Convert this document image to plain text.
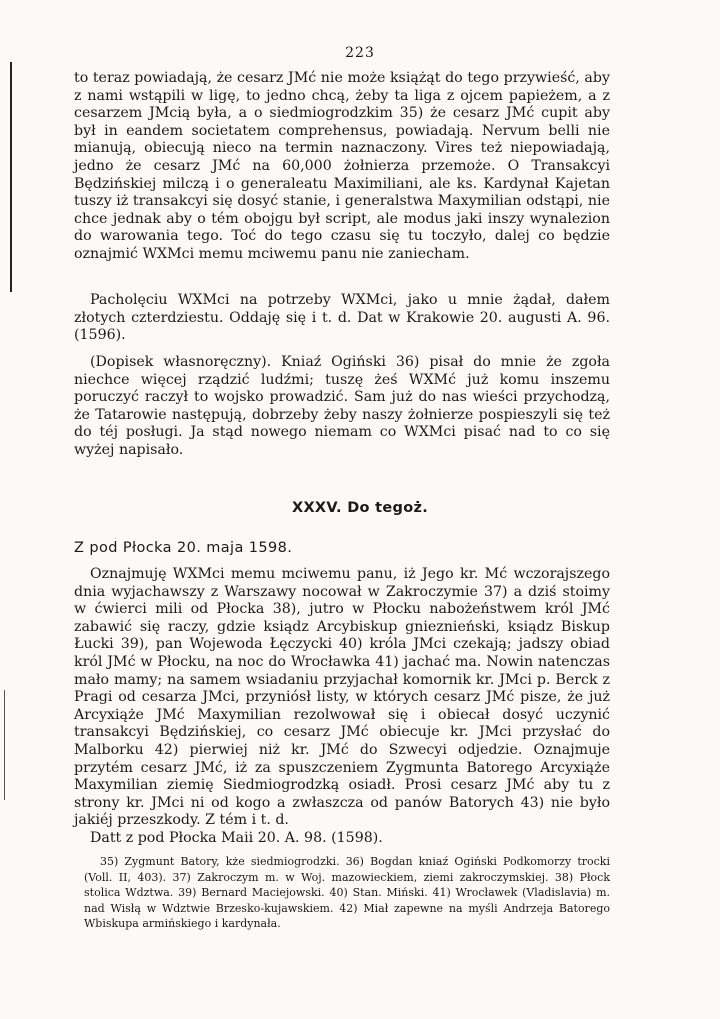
223

to teraz powiadają, że cesarz JMć nie może książąt do tego przywieść, aby z nami wstąpili w ligę, to jedno chcą, żeby ta liga z ojcem papieżem, a z cesarzem JMcią była, a o siedmiogrodzkim 35) że cesarz JMć cupit aby był in eandem societatem comprehensus, powiadają. Nervum belli nie mianują, obiecują nieco na termin naznaczony. Vires też niepowiadają, jedno że cesarz JMć na 60,000 żołnierza przemoże. O Transakcyi Będzińskiej milczą i o generaleatu Maximiliani, ale ks. Kardynał Kajetan tuszy iż transakcyi się dosyć stanie, i generalstwa Maxymilian odstąpi, nie chce jednak aby o tém obojgu był script, ale modus jaki inszy wynalezion do warowania tego. Toć do tego czasu się tu toczyło, dalej co będzie oznajmić WXMci memu mciwemu panu nie zaniecham.

Pacholęciu WXMci na potrzeby WXMci, jako u mnie żądał, dałem złotych czterdziestu. Oddaję się i t. d. Dat w Krakowie 20. augusti A. 96. (1596).

(Dopisek własnoręczny). Kniaź Ogiński 36) pisał do mnie że zgoła niechce więcej rządzić ludźmi; tuszę żeś WXMć już komu inszemu poruczyć raczył to wojsko prowadzić. Sam już do nas wieści przychodzą, że Tatarowie następują, dobrzeby żeby naszy żołnierze pospieszyli się też do téj posługi. Ja stąd nowego niemam co WXMci pisać nad to co się wyżej napisało.

XXXV. Do tegoż.
Z pod Płocka 20. maja 1598.

Oznajmuję WXMci memu mciwemu panu, iż Jego kr. Mć wczorajszego dnia wyjachawszy z Warszawy nocował w Zakroczymie 37) a dziś stoimy w ćwierci mili od Płocka 38), jutro w Płocku nabożeństwem król JMć zabawić się raczy, gdzie ksiądz Arcybiskup gnieznieński, ksiądz Biskup Łucki 39), pan Wojewoda Łęczycki 40) króla JMci czekają; jadszy obiad król JMć w Płocku, na noc do Wrocławka 41) jachać ma. Nowin natenczas mało mamy; na samem wsiadaniu przyjachał komornik kr. JMci p. Berck z Pragi od cesarza JMci, przyniósł listy, w których cesarz JMć pisze, że już Arcyxiąże JMć Maxymilian rezolwował się i obiecał dosyć uczynić transakcyi Będzińskiej, co cesarz JMć obiecuje kr. JMci przysłać do Malborku 42) pierwiej niż kr. JMć do Szwecyi odjedzie. Oznajmuje przytém cesarz JMć, iż za spuszczeniem Zygmunta Batorego Arcyxiąże Maxymilian ziemię Siedmiogrodzką osiadł. Prosi cesarz JMć aby tu z strony kr. JMci ni od kogo a zwłaszcza od panów Batorych 43) nie było jakiéj przeszkody. Z tém i t. d.

Datt z pod Płocka Maii 20. A. 98. (1598).

35) Zygmunt Batory, kże siedmiogrodzki. 36) Bogdan kniaź Ogiński Podkomorzy trocki (Voll. II, 403). 37) Zakroczym m. w Woj. mazowieckiem, ziemi zakroczymskiej. 38) Płock stolica Wdztwa. 39) Bernard Maciejowski. 40) Stan. Miński. 41) Wrocławek (Vladislavia) m. nad Wisłą w Wdztwie Brzesko-kujawskiem. 42) Miał zapewne na myśli Andrzeja Batorego Wbiskupa armińskiego i kardynała.
